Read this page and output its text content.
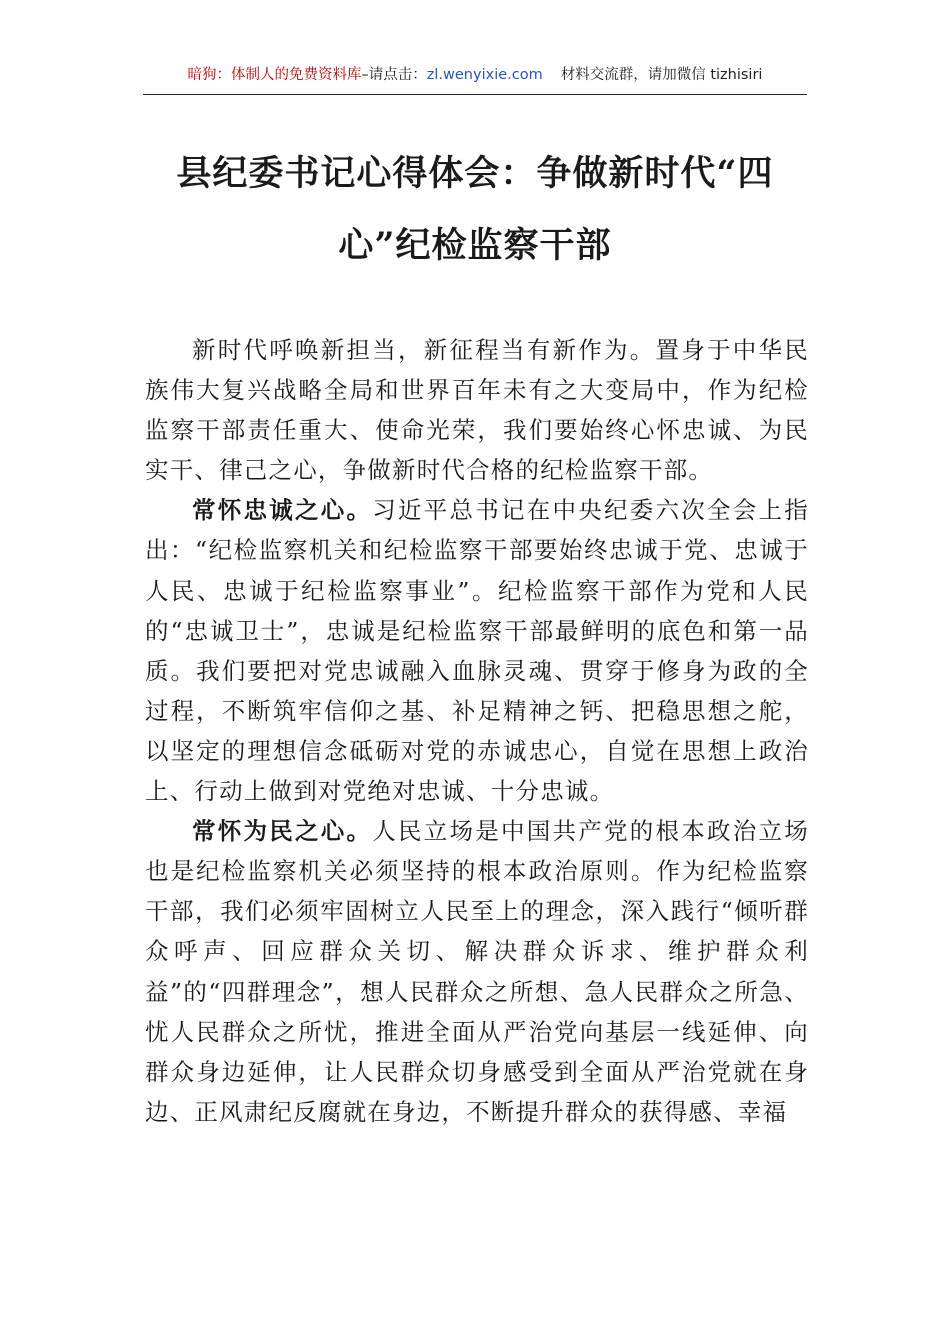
暗狗：体制人的免费资料库–请点击：zl.wenyixie.com 材料交流群，请加微信 tizhisiri
县纪委书记心得体会：争做新时代“四
心”纪检监察干部

新时代呼唤新担当，新征程当有新作为。置身于中华民族伟大复兴战略全局和世界百年未有之大变局中，作为纪检监察干部责任重大、使命光荣，我们要始终心怀忠诚、为民实干、律己之心，争做新时代合格的纪检监察干部。

常怀忠诚之心。习近平总书记在中央纪委六次全会上指出：“纪检监察机关和纪检监察干部要始终忠诚于党、忠诚于人民、忠诚于纪检监察事业”。纪检监察干部作为党和人民的“忠诚卫士”，忠诚是纪检监察干部最鲜明的底色和第一品质。我们要把对党忠诚融入血脉灵魂、贯穿于修身为政的全过程，不断筑牢信仰之基、补足精神之钙、把稳思想之舵，以坚定的理想信念砥砺对党的赤诚忠心，自觉在思想上政治上、行动上做到对党绝对忠诚、十分忠诚。

常怀为民之心。人民立场是中国共产党的根本政治立场也是纪检监察机关必须坚持的根本政治原则。作为纪检监察干部，我们必须牢固树立人民至上的理念，深入践行“倾听群众呼声、回应群众关切、解决群众诉求、维护群众利益”的“四群理念”，想人民群众之所想、急人民群众之所急、忧人民群众之所忧，推进全面从严治党向基层一线延伸、向群众身边延伸，让人民群众切身感受到全面从严治党就在身边、正风肃纪反腐就在身边，不断提升群众的获得感、幸福
